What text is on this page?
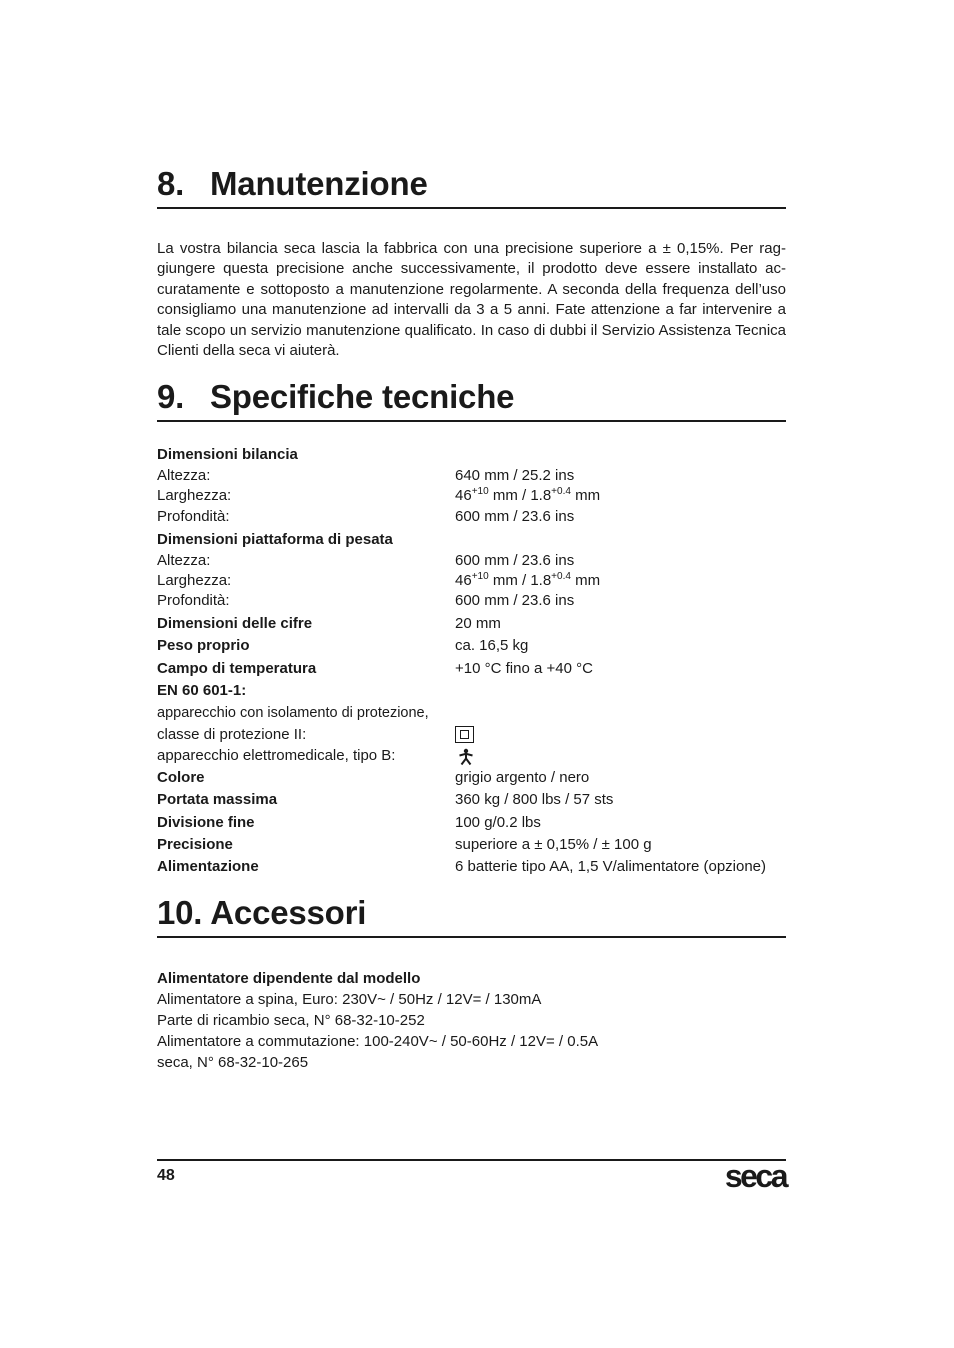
8. Manutenzione

La vostra bilancia seca lascia la fabbrica con una precisione superiore a ± 0,15%. Per raggiungere questa precisione anche successivamente, il prodotto deve essere installato accuratamente e sottoposto a manutenzione regolarmente. A seconda della frequenza dell’uso consigliamo una manutenzione ad intervalli da 3 a 5 anni. Fate attenzione a far intervenire a tale scopo un servizio manutenzione qualificato. In caso di dubbi il Servizio Assistenza Tecnica Clienti della seca vi aiuterà.

9. Specifiche tecniche
Dimensioni bilancia
Altezza:	640 mm / 25.2 ins
Larghezza:	$46^{+10}$ mm / $1.8^{+0.4}$ mm
Profondità:	600 mm / 23.6 ins
Dimensioni piattaforma di pesata
Altezza:	600 mm / 23.6 ins
Larghezza:	$46^{+10}$ mm / $1.8^{+0.4}$ mm
Profondità:	600 mm / 23.6 ins
Dimensioni delle cifre	20 mm
Peso proprio	ca. 16,5 kg
Campo di temperatura	+10 °C fino a +40 °C
EN 60 601-1:
apparecchio con isolamento di protezione,
classe di protezione II:
apparecchio elettromedicale, tipo B:
Colore	grigio argento / nero
Portata massima	360 kg / 800 lbs / 57 sts
Divisione fine	100 g/0.2 lbs
Precisione	superiore a ± 0,15% / ± 100 g
Alimentazione	6 batterie tipo AA, 1,5 V/alimentatore (opzione)
10. Accessori
Alimentatore dipendente dal modello
Alimentatore a spina, Euro: 230V~ / 50Hz / 12V= / 130mA
Parte di ricambio seca, N° 68-32-10-252
Alimentatore a commutazione: 100-240V~ / 50-60Hz / 12V= / 0.5A
seca, N° 68-32-10-265
48	seca
